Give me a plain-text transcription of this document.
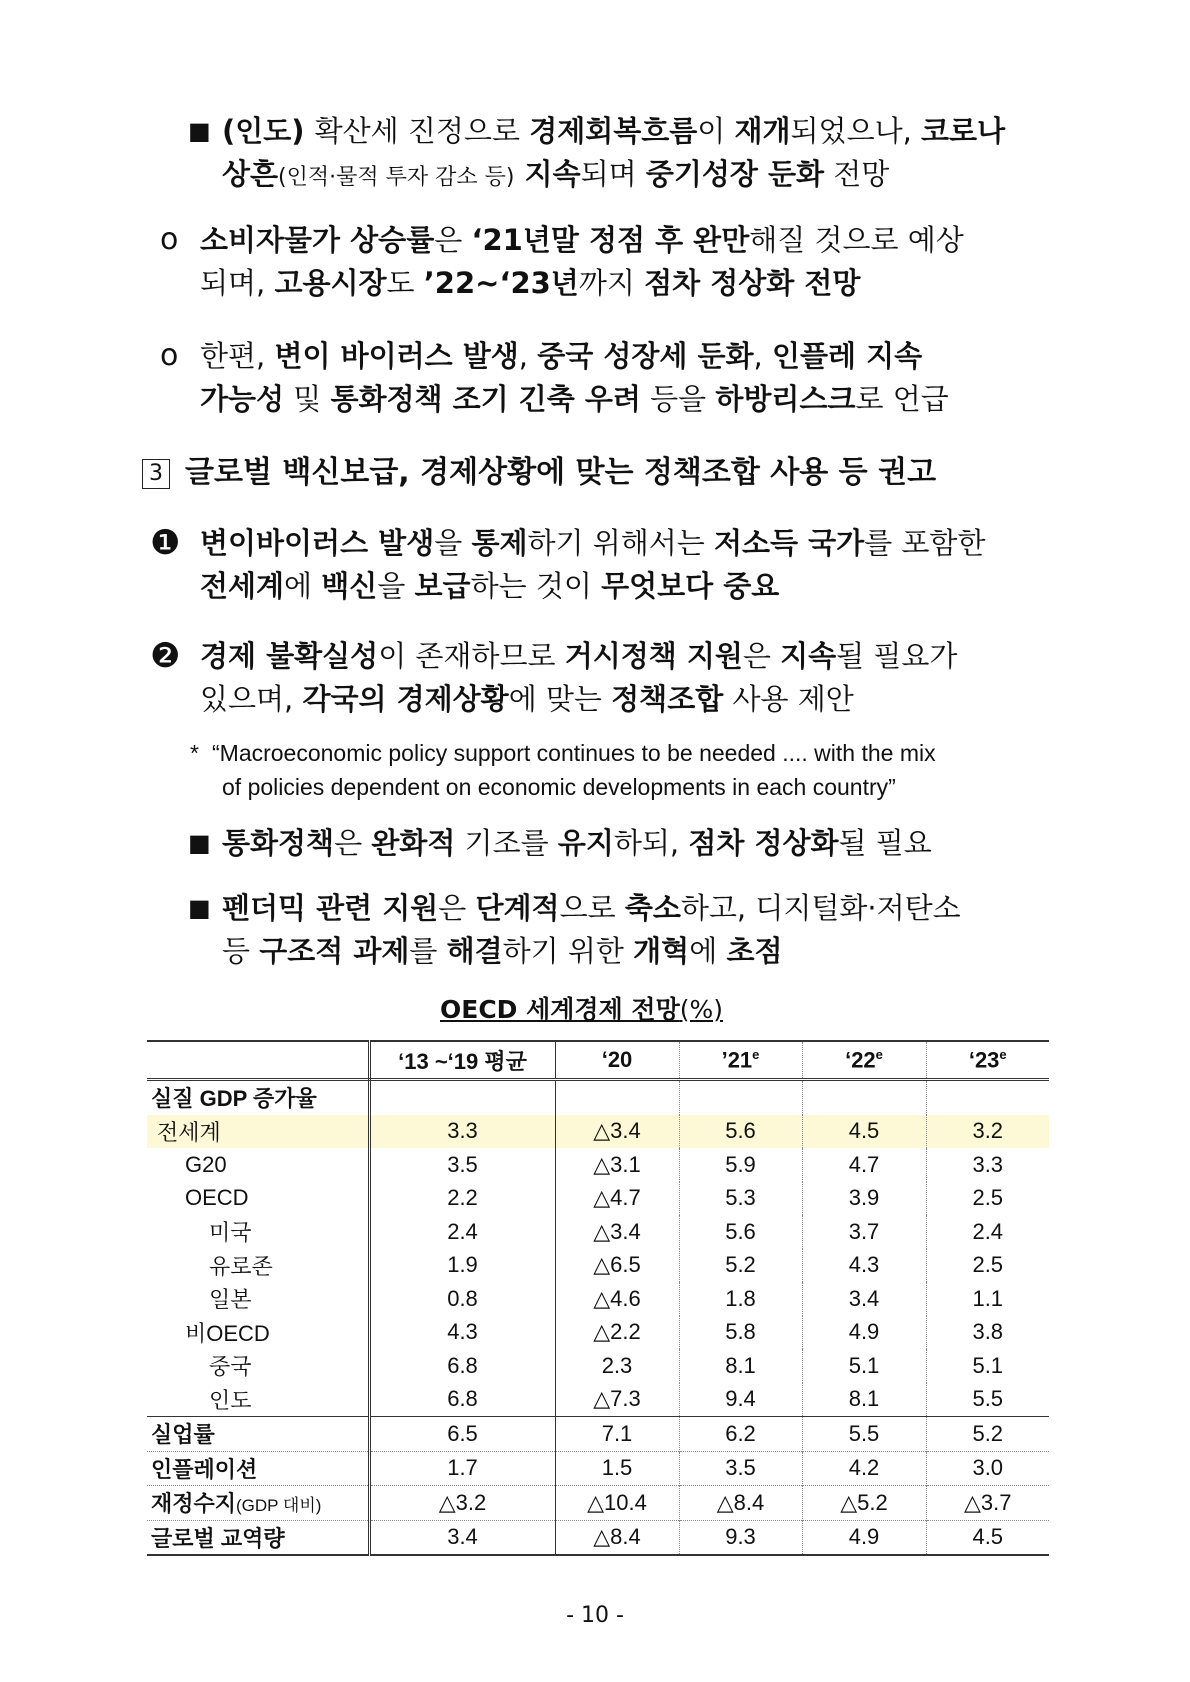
■ (인도) 확산세 진정으로 경제회복흐름이 재개되었으나, 코로나
상흔(인적·물적 투자 감소 등) 지속되며 중기성장 둔화 전망
ο 소비자물가 상승률은 ‘21년말 정점 후 완만해질 것으로 예상
되며, 고용시장도 ’22~‘23년까지 점차 정상화 전망
ο 한편, 변이 바이러스 발생, 중국 성장세 둔화, 인플레 지속
가능성 및 통화정책 조기 긴축 우려 등을 하방리스크로 언급
3 글로벌 백신보급, 경제상황에 맞는 정책조합 사용 등 권고
❶ 변이바이러스 발생을 통제하기 위해서는 저소득 국가를 포함한
전세계에 백신을 보급하는 것이 무엇보다 중요
❷ 경제 불확실성이 존재하므로 거시정책 지원은 지속될 필요가
있으며, 각국의 경제상황에 맞는 정책조합 사용 제안
* “Macroeconomic policy support continues to be needed .... with the mix
of policies dependent on economic developments in each country”
■ 통화정책은 완화적 기조를 유지하되, 점차 정상화될 필요
■ 펜더믹 관련 지원은 단계적으로 축소하고, 디지털화·저탄소
등 구조적 과제를 해결하기 위한 개혁에 초점
OECD 세계경제 전망(%)
	‘13 ~‘19 평균	‘20	’21e	‘22e	‘23e
실질 GDP 증가율					
전세계	3.3	△3.4	5.6	4.5	3.2
G20	3.5	△3.1	5.9	4.7	3.3
OECD	2.2	△4.7	5.3	3.9	2.5
미국	2.4	△3.4	5.6	3.7	2.4
유로존	1.9	△6.5	5.2	4.3	2.5
일본	0.8	△4.6	1.8	3.4	1.1
비OECD	4.3	△2.2	5.8	4.9	3.8
중국	6.8	2.3	8.1	5.1	5.1
인도	6.8	△7.3	9.4	8.1	5.5
실업률	6.5	7.1	6.2	5.5	5.2
인플레이션	1.7	1.5	3.5	4.2	3.0
재정수지(GDP 대비)	△3.2	△10.4	△8.4	△5.2	△3.7
글로벌 교역량	3.4	△8.4	9.3	4.9	4.5
- 10 -
